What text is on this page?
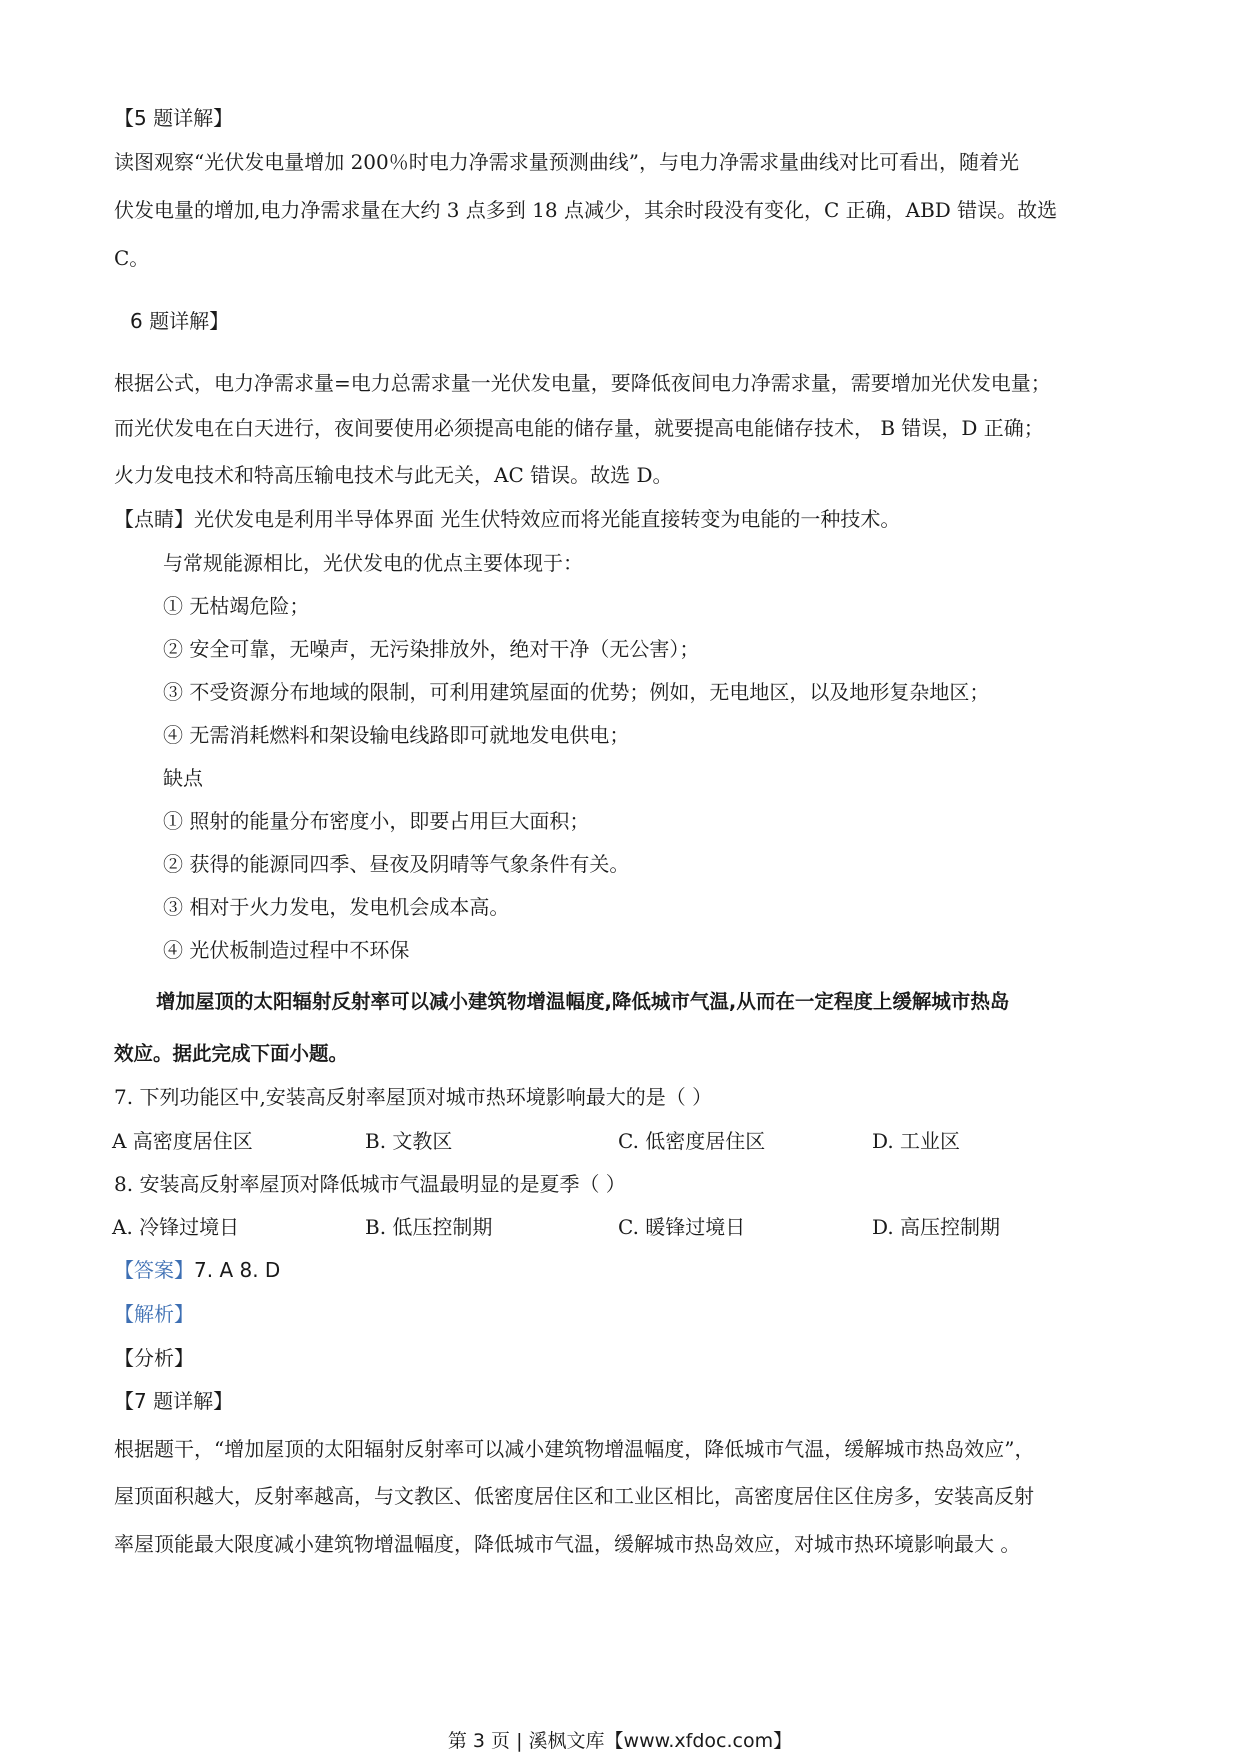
【5 题详解】
读图观察“光伏发电量增加 200％时电力净需求量预测曲线”，与电力净需求量曲线对比可看出，随着光
伏发电量的增加,电力净需求量在大约 3 点多到 18 点减少，其余时段没有变化，C 正确，ABD 错误。故选
C。
6 题详解】
根据公式，电力净需求量=电力总需求量一光伏发电量，要降低夜间电力净需求量，需要增加光伏发电量；
而光伏发电在白天进行，夜间要使用必须提高电能的储存量，就要提高电能储存技术， B 错误，D 正确；
火力发电技术和特高压输电技术与此无关，AC 错误。故选 D。
【点睛】光伏发电是利用半导体界面 光生伏特效应而将光能直接转变为电能的一种技术。
与常规能源相比，光伏发电的优点主要体现于：
① 无枯竭危险；
② 安全可靠，无噪声，无污染排放外，绝对干净（无公害）；
③ 不受资源分布地域的限制，可利用建筑屋面的优势；例如，无电地区，以及地形复杂地区；
④ 无需消耗燃料和架设输电线路即可就地发电供电；
缺点
① 照射的能量分布密度小，即要占用巨大面积；
② 获得的能源同四季、昼夜及阴晴等气象条件有关。
③ 相对于火力发电，发电机会成本高。
④ 光伏板制造过程中不环保
增加屋顶的太阳辐射反射率可以减小建筑物增温幅度,降低城市气温,从而在一定程度上缓解城市热岛
效应。据此完成下面小题。
7. 下列功能区中,安装高反射率屋顶对城市热环境影响最大的是（ ）
A 高密度居住区	B. 文教区	C. 低密度居住区	D. 工业区
8. 安装高反射率屋顶对降低城市气温最明显的是夏季（ ）
A. 冷锋过境日	B. 低压控制期	C. 暖锋过境日	D. 高压控制期
【答案】7. A 8. D
【解析】
【分析】
【7 题详解】
根据题干，“增加屋顶的太阳辐射反射率可以减小建筑物增温幅度，降低城市气温，缓解城市热岛效应”，
屋顶面积越大，反射率越高，与文教区、低密度居住区和工业区相比，高密度居住区住房多，安装高反射
率屋顶能最大限度减小建筑物增温幅度，降低城市气温，缓解城市热岛效应，对城市热环境影响最大 。
第 3 页 | 溪枫文库【www.xfdoc.com】
